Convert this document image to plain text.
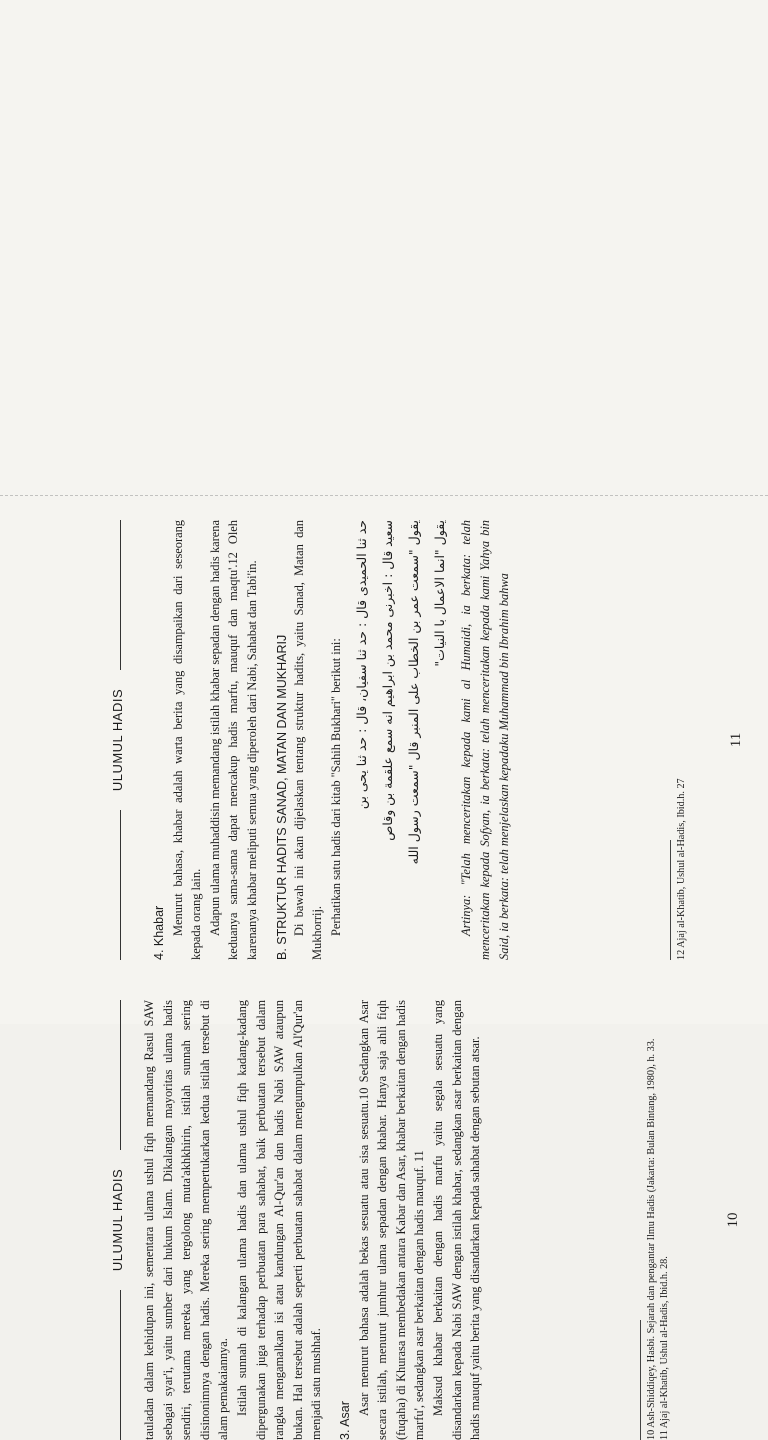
ULUMUL HADIS

4. Khabar Menurut bahasa, khabar adalah warta berita yang disampaikan dari seseorang kepada orang lain. Adapun ulama muhaddisin memandang istilah khabar sepadan dengan hadis karena keduanya sama-sama dapat mencakup hadis marfu, mauquf dan maqtu'.12 Oleh karenanya khabar meliputi semua yang diperoleh dari Nabi, Sahabat dan Tabi'in. B. STRUKTUR HADITS SANAD, MATAN DAN MUKHARIJ Di bawah ini akan dijelaskan tentang struktur hadits, yaitu Sanad, Matan dan Mukhorrij. Perhatikan satu hadis dari kitab "Sahih Bukhari" berikut ini: حد ثنا الحميدى قال : حد ثنا سفيان، قال : حد ثنا يحى بن سعيد قال : اخبرنى محمد بن ابراهيم انه سمع علقمة بن وقاص يقول "سمعت عمر بن الخطاب على المنبر قال "سمعت رسول الله يقول "انما الاعمال با النيات" Artinya: "Telah menceritakan kepada kami al Humaidi, ia berkata: telah menceritakan kepada Sofyan, ia berkata: telah menceritakan kepada kami Yahya bin Said, ia berkata: telah menjelaskan kepadaku Muhammad bin Ibrahim bahwa	12 Ajaj al-Khatib, Ushul al-Hadis, Ibid.h. 27
11
ULUMUL HADIS tauladan dalam kehidupan ini, sementara ulama ushul fiqh memandang Rasul SAW sebagai syar'i, yaitu sumber dari hukum Islam. Dikalangan mayoritas ulama hadis sendiri, terutama mereka yang tergolong muta'akhkhirin, istilah sunnah sering disinonimnya dengan hadis. Mereka sering mempertukarkan kedua istilah tersebut di alam pemakaiannya. Istilah sunnah di kalangan ulama hadis dan ulama ushul fiqh kadang-kadang dipergunakan juga terhadap perbuatan para sahabat, baik perbuatan tersebut dalam rangka mengamalkan isi atau kandungan Al-Qur'an dan hadis Nabi SAW ataupun bukan. Hal tersebut adalah seperti perbuatan sahabat dalam mengumpulkan Al'Qur'an menjadi satu mushhaf. 3. Asar

Asar menurut bahasa adalah bekas sesuatu atau sisa sesuatu.10 Sedangkan Asar secara istilah, menurut jumhur ulama sepadan dengan khabar. Hanya saja ahli fiqh (fuqaha) di Khurasa membedakan antara Kabar dan Asar, khabar berkaitan dengan hadis marfu', sedangkan asar berkaitan dengan hadis mauquf. 11 Maksud khabar berkaitan dengan hadis marfu yaitu segala sesuatu yang disandarkan kepada Nabi SAW dengan istilah khabar, sedangkan asar berkaitan dengan hadis mauquf yaitu berita yang disandarkan kepada sahabat dengan sebutan atsar.	10 Ash-Shiddiqey, Hasbi. Sejarah dan pengantar Ilmu Hadis (Jakarta: Bulan Bintang, 1980), h. 33. 11 Ajaj al-Khatib, Ushul al-Hadis, Ibid.h. 28.
10
